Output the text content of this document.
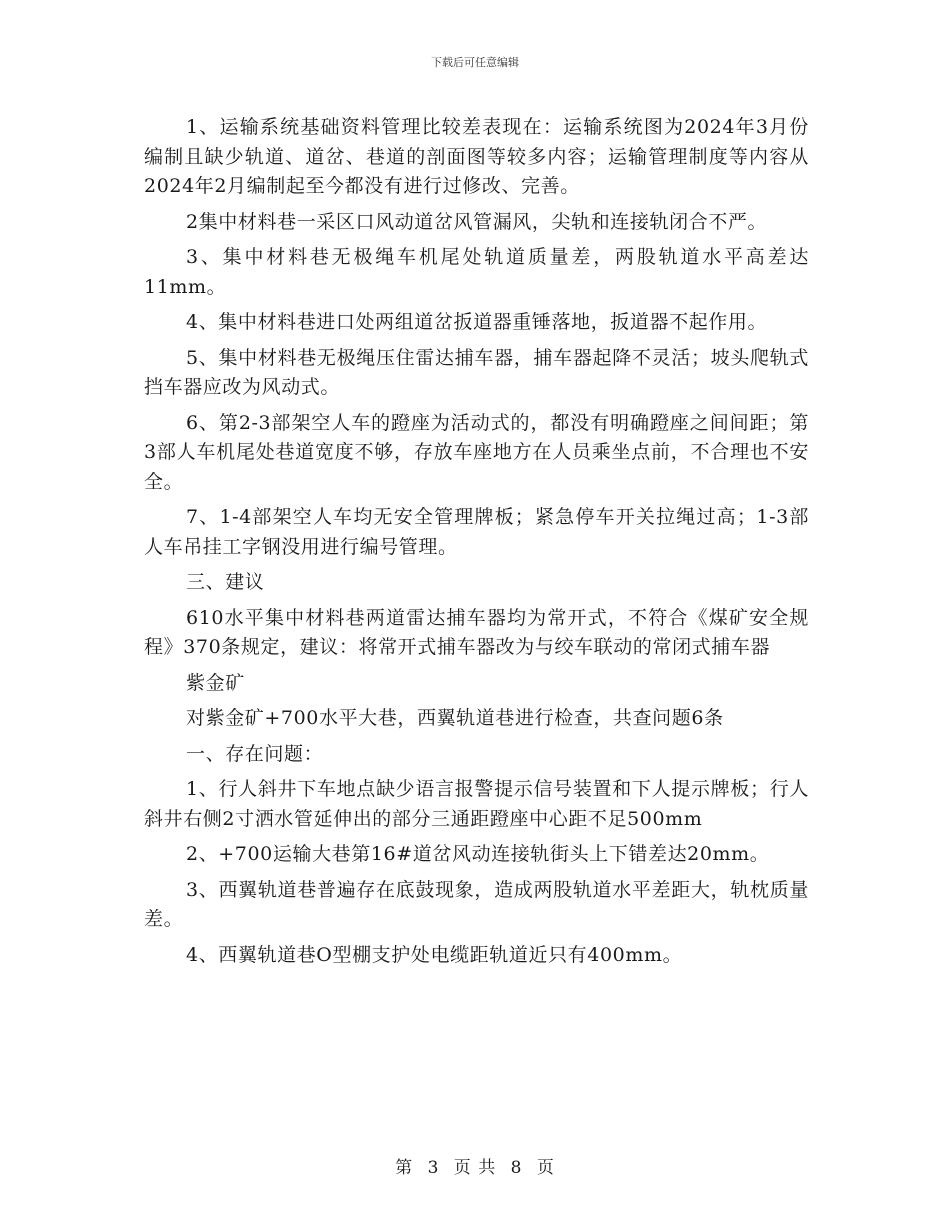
下载后可任意编辑

1、运输系统基础资料管理比较差表现在：运输系统图为2024年3月份编制且缺少轨道、道岔、巷道的剖面图等较多内容；运输管理制度等内容从2024年2月编制起至今都没有进行过修改、完善。

2集中材料巷一采区口风动道岔风管漏风，尖轨和连接轨闭合不严。

3、集中材料巷无极绳车机尾处轨道质量差，两股轨道水平高差达11mm。

4、集中材料巷进口处两组道岔扳道器重锤落地，扳道器不起作用。

5、集中材料巷无极绳压住雷达捕车器，捕车器起降不灵活；坡头爬轨式挡车器应改为风动式。

6、第2-3部架空人车的蹬座为活动式的，都没有明确蹬座之间间距；第3部人车机尾处巷道宽度不够，存放车座地方在人员乘坐点前，不合理也不安全。

7、1-4部架空人车均无安全管理牌板；紧急停车开关拉绳过高；1-3部人车吊挂工字钢没用进行编号管理。

三、建议

610水平集中材料巷两道雷达捕车器均为常开式，不符合《煤矿安全规程》370条规定，建议：将常开式捕车器改为与绞车联动的常闭式捕车器

紫金矿

对紫金矿+700水平大巷，西翼轨道巷进行检查，共查问题6条

一、存在问题：

1、行人斜井下车地点缺少语言报警提示信号装置和下人提示牌板；行人斜井右侧2寸洒水管延伸出的部分三通距蹬座中心距不足500mm

2、+700运输大巷第16#道岔风动连接轨街头上下错差达20mm。

3、西翼轨道巷普遍存在底鼓现象，造成两股轨道水平差距大，轨枕质量差。

4、西翼轨道巷O型棚支护处电缆距轨道近只有400mm。

第 3 页 共 8 页
